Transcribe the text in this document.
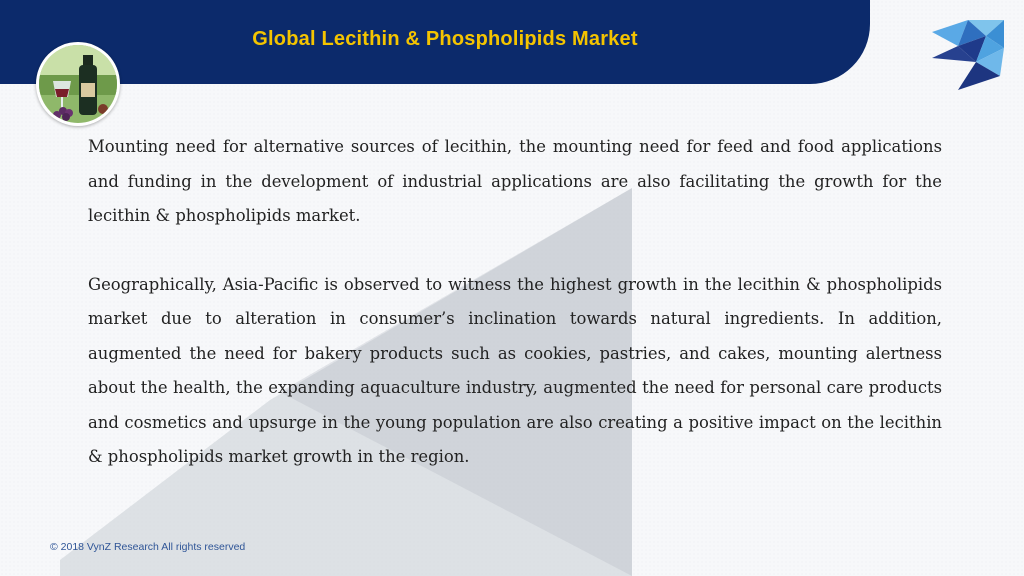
Global Lecithin & Phospholipids Market

Mounting need for alternative sources of lecithin, the mounting need for feed and food applications and funding in the development of industrial applications are also facilitating the growth for the lecithin & phospholipids market.

Geographically, Asia-Pacific is observed to witness the highest growth in the lecithin & phospholipids market due to alteration in consumer’s inclination towards natural ingredients. In addition, augmented the need for bakery products such as cookies, pastries, and cakes, mounting alertness about the health, the expanding aquaculture industry, augmented the need for personal care products and cosmetics and upsurge in the young population are also creating a positive impact on the lecithin & phospholipids market growth in the region.

© 2018 VynZ Research All rights reserved
